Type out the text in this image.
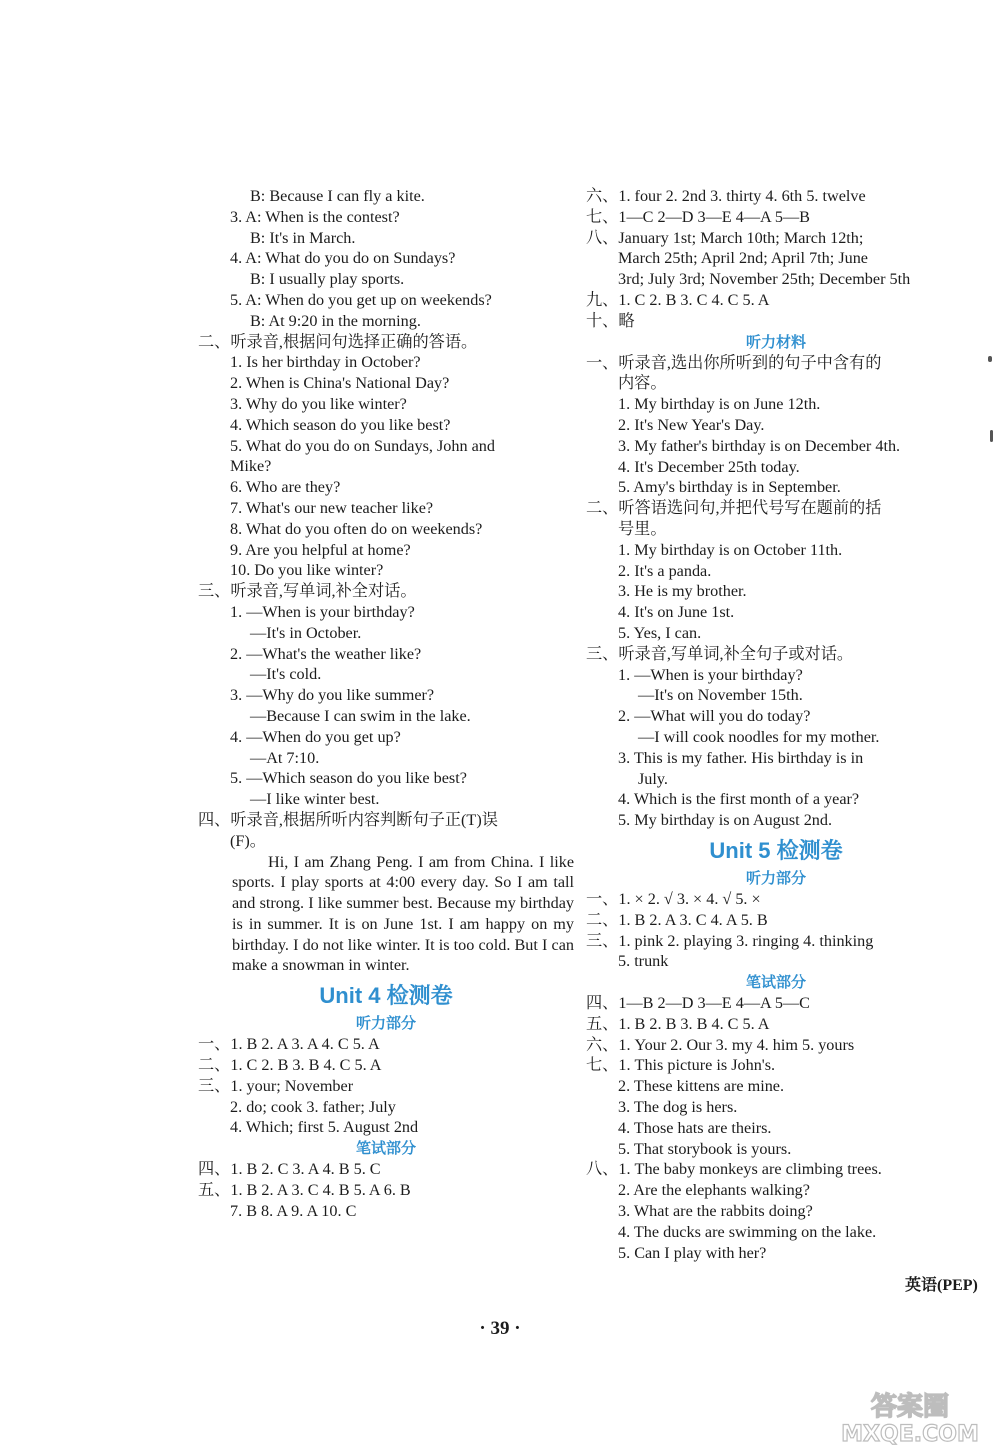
B: Because I can fly a kite.
3. A: When is the contest?
B: It's in March.
4. A: What do you do on Sundays?
B: I usually play sports.
5. A: When do you get up on weekends?
B: At 9:20 in the morning.
二、听录音,根据问句选择正确的答语。
1. Is her birthday in October?
2. When is China's National Day?
3. Why do you like winter?
4. Which season do you like best?
5. What do you do on Sundays, John and
Mike?
6. Who are they?
7. What's our new teacher like?
8. What do you often do on weekends?
9. Are you helpful at home?
10. Do you like winter?
三、听录音,写单词,补全对话。
1. —When is your birthday?
—It's in October.
2. —What's the weather like?
—It's cold.
3. —Why do you like summer?
—Because I can swim in the lake.
4. —When do you get up?
—At 7:10.
5. —Which season do you like best?
—I like winter best.
四、听录音,根据所听内容判断句子正(T)误
(F)。
Hi, I am Zhang Peng. I am from China. I like sports. I play sports at 4:00 every day. So I am tall and strong. I like summer best. Because my birthday is in summer. It is on June 1st. I am happy on my birthday. I do not like winter. It is too cold. But I can make a snowman in winter.
Unit 4 检测卷
听力部分
一、1. B 2. A 3. A 4. C 5. A
二、1. C 2. B 3. B 4. C 5. A
三、1. your; November
2. do; cook 3. father; July
4. Which; first 5. August 2nd
笔试部分
四、1. B 2. C 3. A 4. B 5. C
五、1. B 2. A 3. C 4. B 5. A 6. B
7. B 8. A 9. A 10. C
六、1. four 2. 2nd 3. thirty 4. 6th 5. twelve
七、1—C 2—D 3—E 4—A 5—B
八、January 1st; March 10th; March 12th;
March 25th; April 2nd; April 7th; June
3rd; July 3rd; November 25th; December 5th
九、1. C 2. B 3. C 4. C 5. A
十、略
听力材料
一、听录音,选出你所听到的句子中含有的
内容。
1. My birthday is on June 12th.
2. It's New Year's Day.
3. My father's birthday is on December 4th.
4. It's December 25th today.
5. Amy's birthday is in September.
二、听答语选问句,并把代号写在题前的括
号里。
1. My birthday is on October 11th.
2. It's a panda.
3. He is my brother.
4. It's on June 1st.
5. Yes, I can.
三、听录音,写单词,补全句子或对话。
1. —When is your birthday?
—It's on November 15th.
2. —What will you do today?
—I will cook noodles for my mother.
3. This is my father. His birthday is in
July.
4. Which is the first month of a year?
5. My birthday is on August 2nd.
Unit 5 检测卷
听力部分
一、1. × 2. √ 3. × 4. √ 5. ×
二、1. B 2. A 3. C 4. A 5. B
三、1. pink 2. playing 3. ringing 4. thinking
5. trunk
笔试部分
四、1—B 2—D 3—E 4—A 5—C
五、1. B 2. B 3. B 4. C 5. A
六、1. Your 2. Our 3. my 4. him 5. yours
七、1. This picture is John's.
2. These kittens are mine.
3. The dog is hers.
4. Those hats are theirs.
5. That storybook is yours.
八、1. The baby monkeys are climbing trees.
2. Are the elephants walking?
3. What are the rabbits doing?
4. The ducks are swimming on the lake.
5. Can I play with her?
英语(PEP)
· 39 ·
答案圈
MXQE.COM
